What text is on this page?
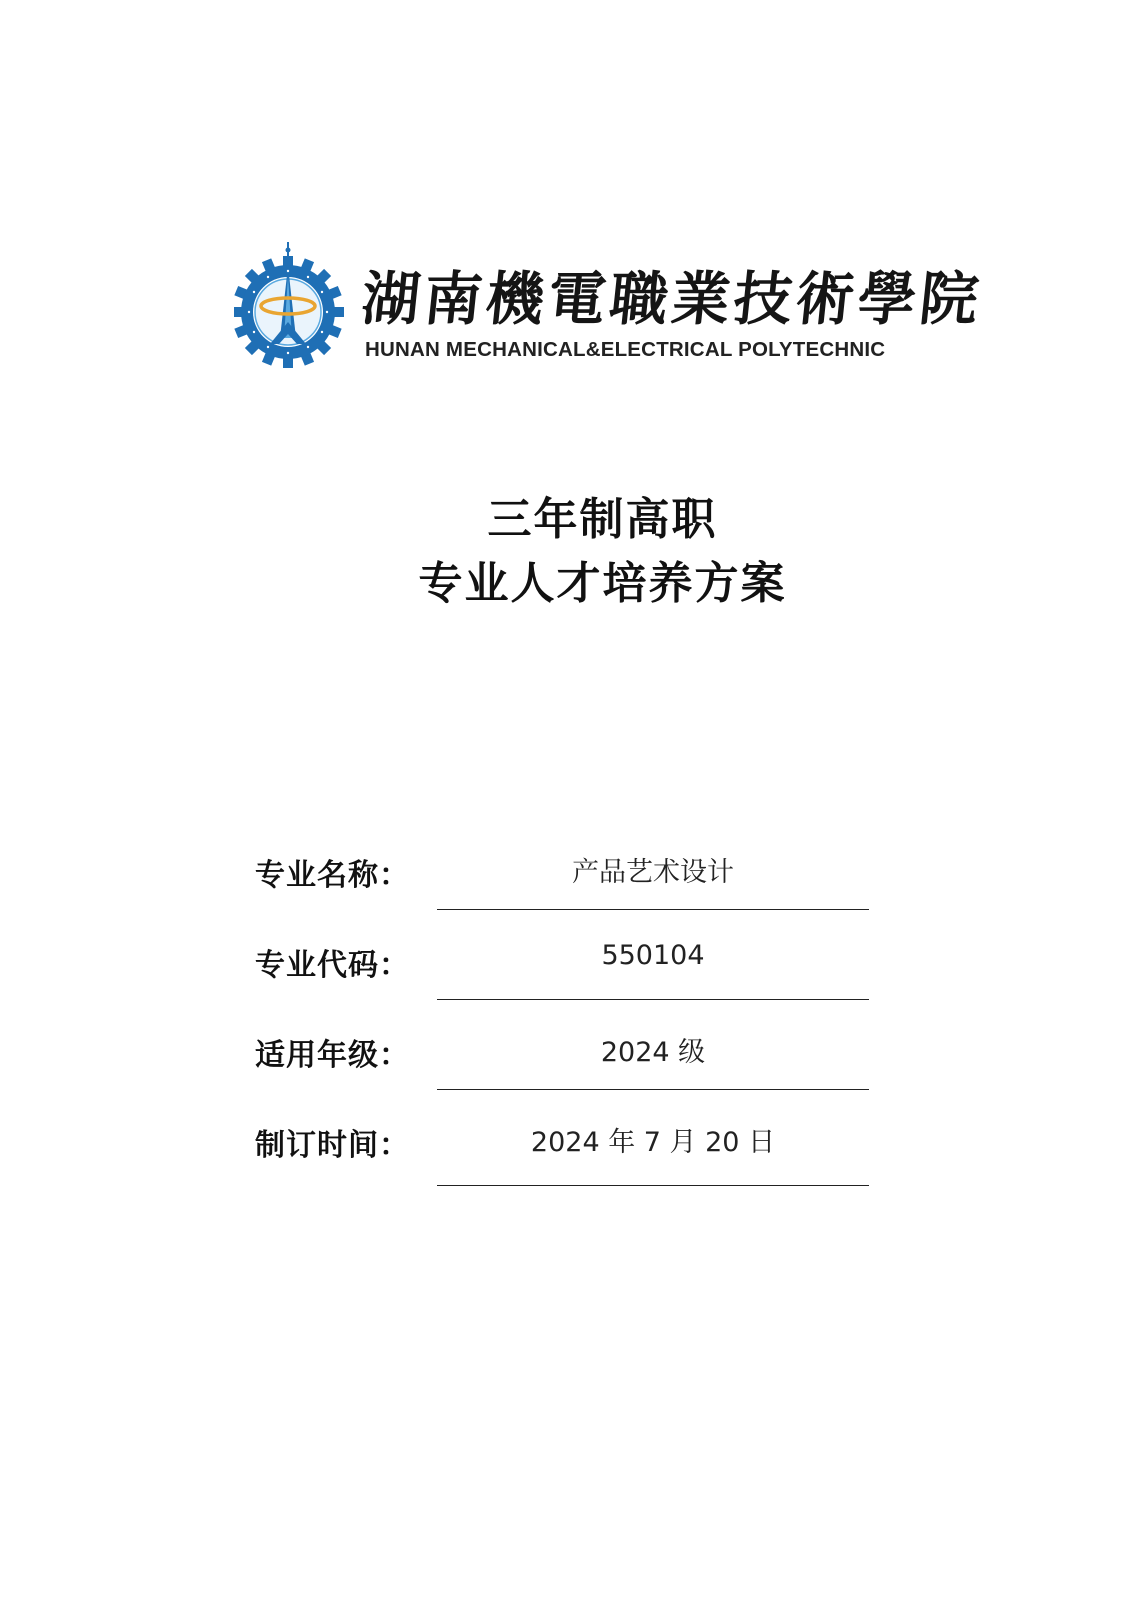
湖南機電職業技術學院
HUNAN MECHANICAL&ELECTRICAL POLYTECHNIC
三年制高职
专业人才培养方案
专业名称：	产品艺术设计
专业代码：	550104
适用年级：	2024 级
制订时间：	2024 年 7 月 20 日
